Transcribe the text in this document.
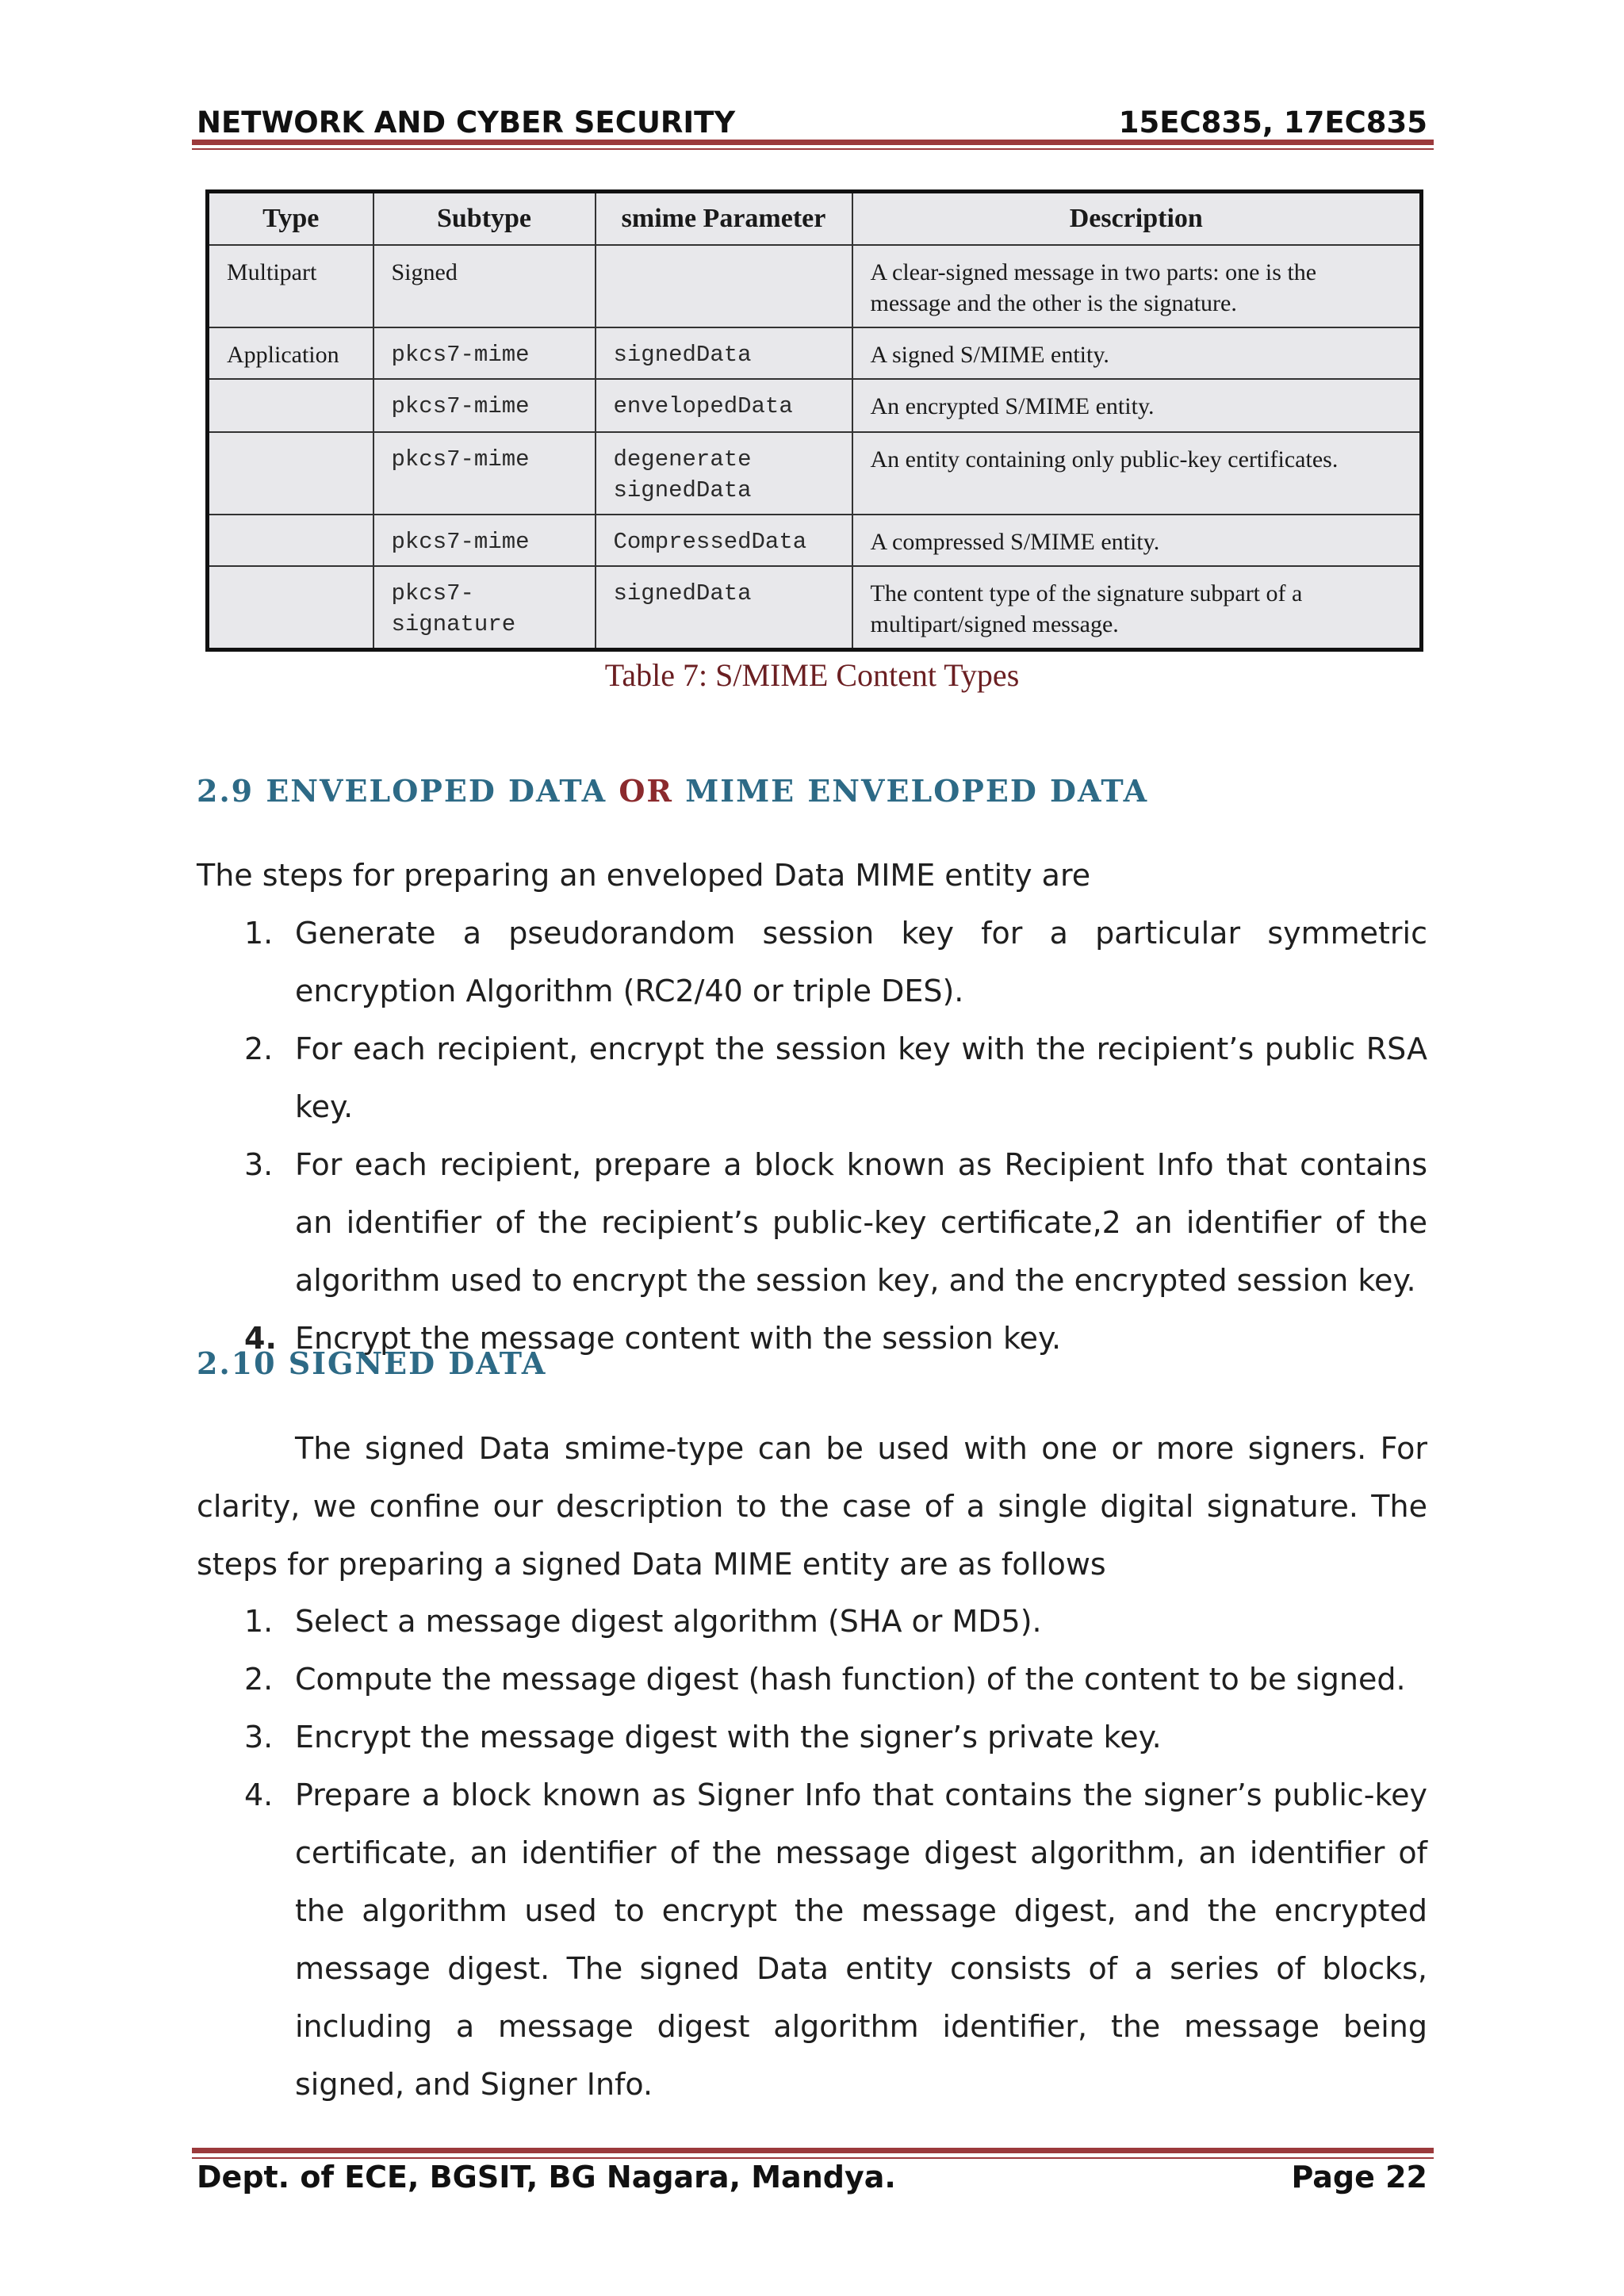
NETWORK AND CYBER SECURITY	15EC835, 17EC835
Type	Subtype	smime Parameter	Description
Multipart	Signed		A clear-signed message in two parts: one is the message and the other is the signature.
Application	pkcs7-mime	signedData	A signed S/MIME entity.
	pkcs7-mime	envelopedData	An encrypted S/MIME entity.
	pkcs7-mime	degenerate signedData	An entity containing only public-key certificates.
	pkcs7-mime	CompressedData	A compressed S/MIME entity.
	pkcs7-signature	signedData	The content type of the signature subpart of a multipart/signed message.
Table 7: S/MIME Content Types
2.9 ENVELOPED DATA OR MIME ENVELOPED DATA
The steps for preparing an enveloped Data MIME entity are
1. Generate a pseudorandom session key for a particular symmetric encryption Algorithm (RC2/40 or triple DES).
2. For each recipient, encrypt the session key with the recipient’s public RSA key.
3. For each recipient, prepare a block known as Recipient Info that contains an identifier of the recipient’s public-key certificate,2 an identifier of the algorithm used to encrypt the session key, and the encrypted session key.
4. Encrypt the message content with the session key.
2.10 SIGNED DATA
The signed Data smime-type can be used with one or more signers. For clarity, we confine our description to the case of a single digital signature. The steps for preparing a signed Data MIME entity are as follows
1. Select a message digest algorithm (SHA or MD5).
2. Compute the message digest (hash function) of the content to be signed.
3. Encrypt the message digest with the signer’s private key.
4. Prepare a block known as Signer Info that contains the signer’s public-key certificate, an identifier of the message digest algorithm, an identifier of the algorithm used to encrypt the message digest, and the encrypted message digest. The signed Data entity consists of a series of blocks, including a message digest algorithm identifier, the message being signed, and Signer Info.
Dept. of ECE, BGSIT, BG Nagara, Mandya.	Page 22
